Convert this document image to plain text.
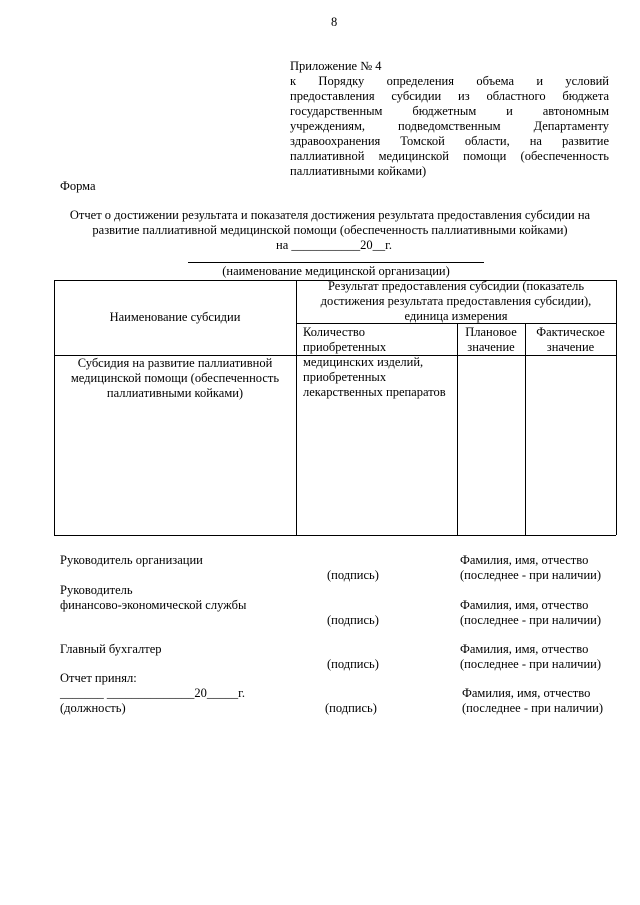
8
Приложение № 4
к Порядку определения объема и условий
предоставления субсидии из областного бюджета
государственным бюджетным и автономным
учреждениям, подведомственным Департаменту
здравоохранения Томской области, на развитие
паллиативной медицинской помощи (обеспеченность
паллиативными койками)
Форма
Отчет о достижении результата и показателя достижения результата предоставления субсидии на
развитие паллиативной медицинской помощи (обеспеченность паллиативными койками)
на ___________20__г.
(наименование медицинской организации)
Наименование субсидии
Результат предоставления субсидии (показатель
достижения результата предоставления субсидии),
единица измерения
Количество
приобретенных
медицинских изделий,
приобретенных
лекарственных препаратов
Плановое
значение
Фактическое
значение
Субсидия на развитие паллиативной
медицинской помощи (обеспеченность
паллиативными койками)
Руководитель организации
(подпись)
Фамилия, имя, отчество
(последнее - при наличии)
Руководитель
финансово-экономической службы
(подпись)
Фамилия, имя, отчество
(последнее - при наличии)
Главный бухгалтер
(подпись)
Фамилия, имя, отчество
(последнее - при наличии)
Отчет принял:
_______ ______________20_____г.
(должность)	(подпись)
Фамилия, имя, отчество
(последнее - при наличии)
